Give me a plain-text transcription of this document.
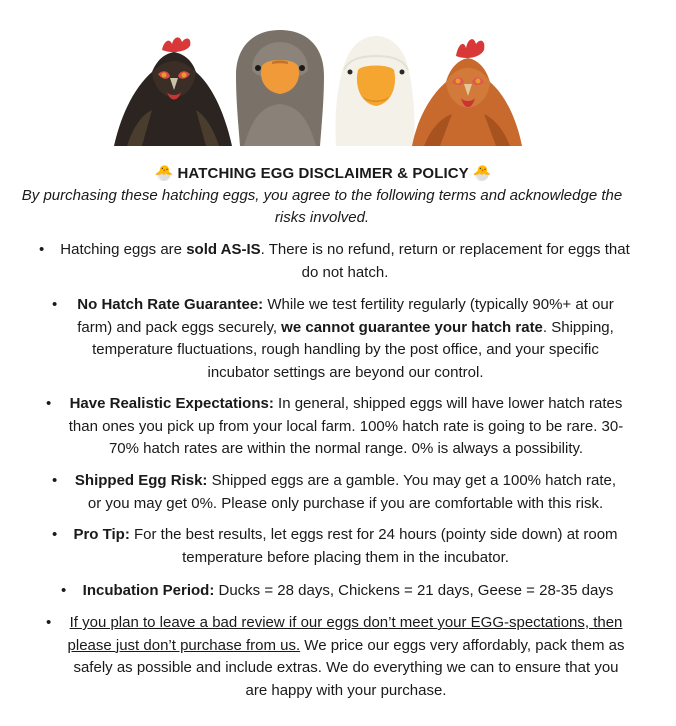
🐣 HATCHING EGG DISCLAIMER & POLICY 🐣
By purchasing these hatching eggs, you agree to the following terms and acknowledge the risks involved.
• Hatching eggs are sold AS-IS. There is no refund, return or replacement for eggs that do not hatch.
•	No Hatch Rate Guarantee: While we test fertility regularly (typically 90%+ at our farm) and pack eggs securely, we cannot guarantee your hatch rate. Shipping, temperature fluctuations, rough handling by the post office, and your specific incubator settings are beyond our control.
•	Have Realistic Expectations: In general, shipped eggs will have lower hatch rates than ones you pick up from your local farm. 100% hatch rate is going to be rare. 30-70% hatch rates are within the normal range. 0% is always a possibility.
•	Shipped Egg Risk: Shipped eggs are a gamble. You may get a 100% hatch rate, or you may get 0%. Please only purchase if you are comfortable with this risk.
• Pro Tip: For the best results, let eggs rest for 24 hours (pointy side down) at room temperature before placing them in the incubator.
•	Incubation Period: Ducks = 28 days, Chickens = 21 days, Geese = 28-35 days
•	If you plan to leave a bad review if our eggs don’t meet your EGG-spectations, then please just don’t purchase from us. We price our eggs very affordably, pack them as safely as possible and include extras. We do everything we can to ensure that you are happy with your purchase.
